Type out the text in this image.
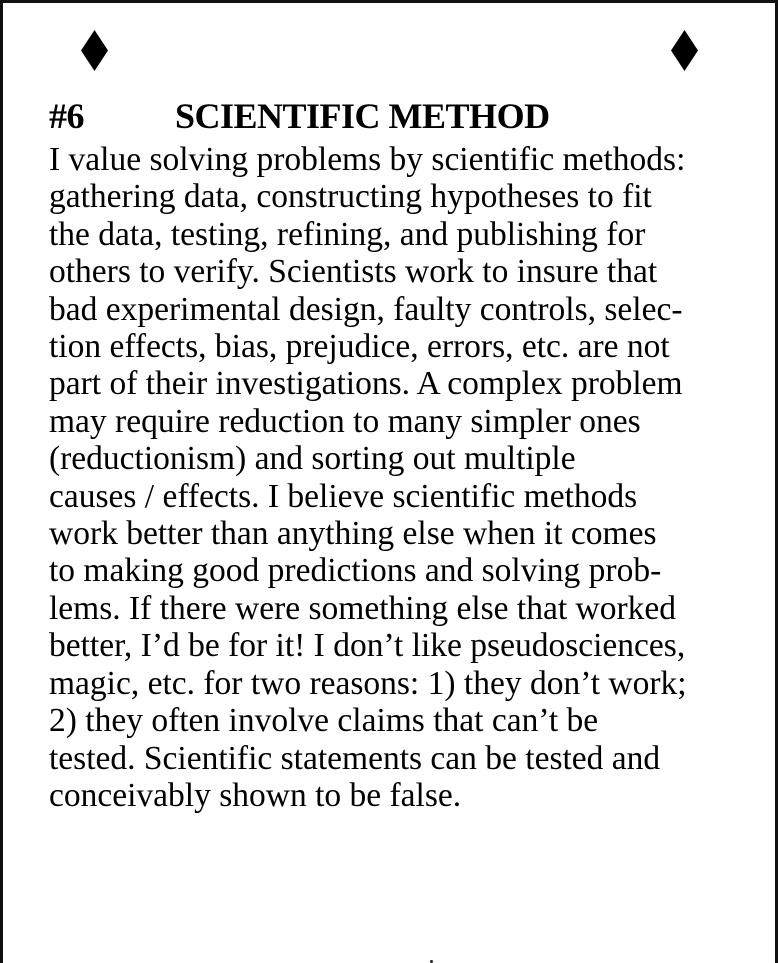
#6	SCIENTIFIC METHOD

I value solving problems by scientific methods:
gathering data, constructing hypotheses to fit
the data, testing, refining, and publishing for
others to verify. Scientists work to insure that
bad experimental design, faulty controls, selec-
tion effects, bias, prejudice, errors, etc. are not
part of their investigations. A complex problem
may require reduction to many simpler ones
(reductionism) and sorting out multiple
causes / effects. I believe scientific methods
work better than anything else when it comes
to making good predictions and solving prob-
lems. If there were something else that worked
better, I’d be for it! I don’t like pseudosciences,
magic, etc. for two reasons: 1) they don’t work;
2) they often involve claims that can’t be
tested. Scientific statements can be tested and
conceivably shown to be false.
